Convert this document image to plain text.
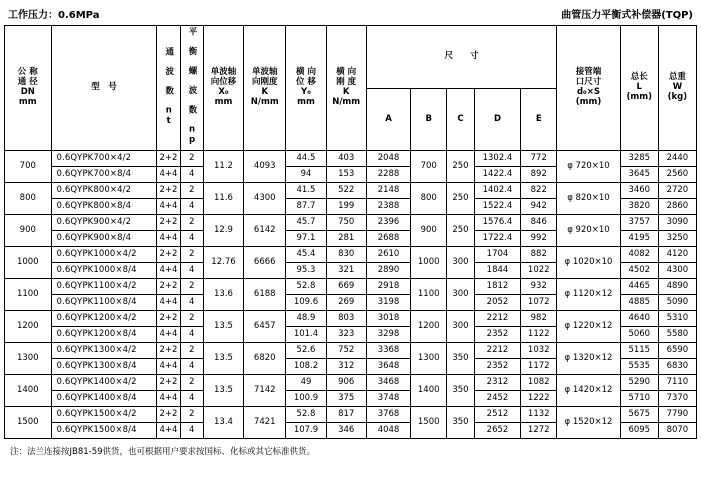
工作压力：0.6MPa	曲管压力平衡式补偿器(TQP)
公 称
通 径
DN
mm	型　号	通 波 数 nt	平 衡 螺 波 数 np	单波轴
向位移
X₀
mm	单波轴
向刚度
K
N/mm	横 向
位 移
Y₀
mm	横 向
刚 度
K
N/mm	尺　　寸					接管端
口尺寸
d₀×S
(mm)	总长
L
(mm)	总重
W
(kg)

								A	B	C	D	E			
700	0.6QYPK700×4/2	2+2	2	11.2	4093	44.5	403	2048	700	250	1302.4	772	φ 720×10	3285	2440
	0.6QYPK700×8/4	4+4	4			94	153	2288			1422.4	892		3645	2560
800	0.6QYPK800×4/2	2+2	2	11.6	4300	41.5	522	2148	800	250	1402.4	822	φ 820×10	3460	2720
	0.6QYPK800×8/4	4+4	4			87.7	199	2388			1522.4	942		3820	2860
900	0.6QYPK900×4/2	2+2	2	12.9	6142	45.7	750	2396	900	250	1576.4	846	φ 920×10	3757	3090
	0.6QYPK900×8/4	4+4	4			97.1	281	2688			1722.4	992		4195	3250
1000	0.6QYPK1000×4/2	2+2	2	12.76	6666	45.4	830	2610	1000	300	1704	882	φ 1020×10	4082	4120
	0.6QYPK1000×8/4	4+4	4			95.3	321	2890			1844	1022		4502	4300
1100	0.6QYPK1100×4/2	2+2	2	13.6	6188	52.8	669	2918	1100	300	1812	932	φ 1120×12	4465	4890
	0.6QYPK1100×8/4	4+4	4			109.6	269	3198			2052	1072		4885	5090
1200	0.6QYPK1200×4/2	2+2	2	13.5	6457	48.9	803	3018	1200	300	2212	982	φ 1220×12	4640	5310
	0.6QYPK1200×8/4	4+4	4			101.4	323	3298			2352	1122		5060	5580
1300	0.6QYPK1300×4/2	2+2	2	13.5	6820	52.6	752	3368	1300	350	2212	1032	φ 1320×12	5115	6590
	0.6QYPK1300×8/4	4+4	4			108.2	312	3648			2352	1172		5535	6830
1400	0.6QYPK1400×4/2	2+2	2	13.5	7142	49	906	3468	1400	350	2312	1082	φ 1420×12	5290	7110
	0.6QYPK1400×8/4	4+4	4			100.9	375	3748			2452	1222		5710	7370
1500	0.6QYPK1500×4/2	2+2	2	13.4	7421	52.8	817	3768	1500	350	2512	1132	φ 1520×12	5675	7790
	0.6QYPK1500×8/4	4+4	4			107.9	346	4048			2652	1272		6095	8070
注：法兰连接按JB81-59供货，也可根据用户要求按国标、化标或其它标准供货。
